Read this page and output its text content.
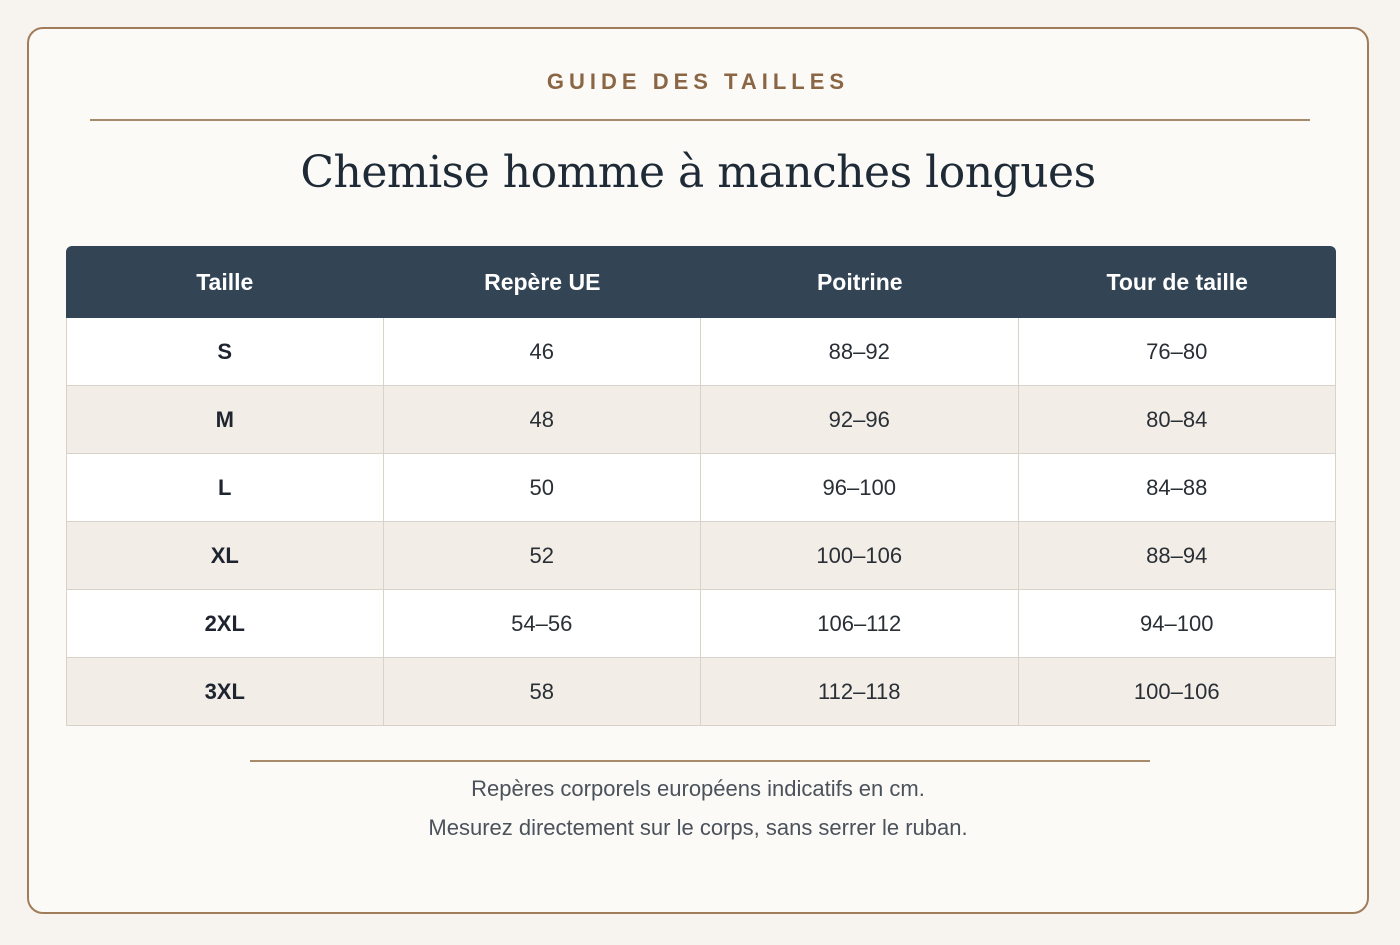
GUIDE DES TAILLES
Chemise homme à manches longues
Taille	Repère UE	Poitrine	Tour de taille
S	46	88–92	76–80
M	48	92–96	80–84
L	50	96–100	84–88
XL	52	100–106	88–94
2XL	54–56	106–112	94–100
3XL	58	112–118	100–106
Repères corporels européens indicatifs en cm.
Mesurez directement sur le corps, sans serrer le ruban.
